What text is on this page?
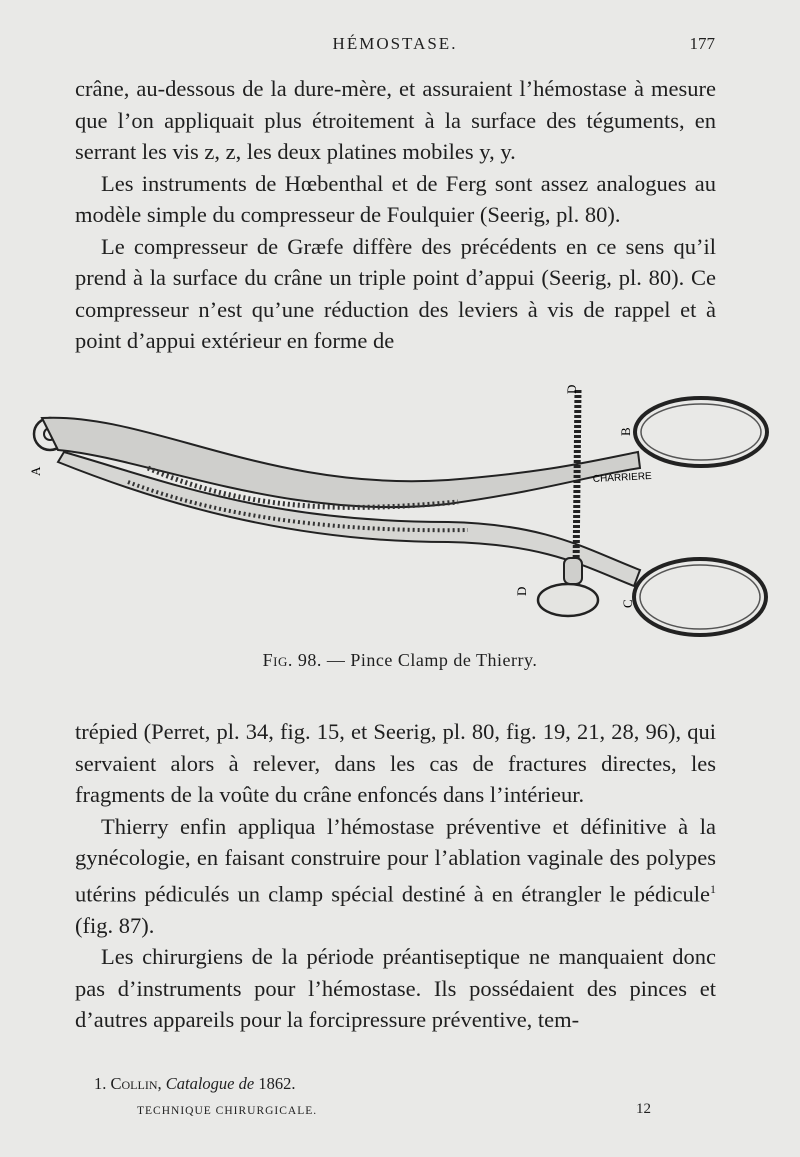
HÉMOSTASE.	177

crâne, au-dessous de la dure-mère, et assuraient l’hémostase à mesure que l’on appliquait plus étroitement à la surface des téguments, en serrant les vis z, z, les deux platines mobiles y, y.

Les instruments de Hœbenthal et de Ferg sont assez analogues au modèle simple du compresseur de Foulquier (Seerig, pl. 80).

Le compresseur de Græfe diffère des précédents en ce sens qu’il prend à la surface du crâne un triple point d’appui (Seerig, pl. 80). Ce compresseur n’est qu’une réduction des leviers à vis de rappel et à point d’appui extérieur en forme de

A
B
C
D
D
CHARRIERE
Fig. 98. — Pince Clamp de Thierry.

trépied (Perret, pl. 34, fig. 15, et Seerig, pl. 80, fig. 19, 21, 28, 96), qui servaient alors à relever, dans les cas de fractures directes, les fragments de la voûte du crâne enfoncés dans l’intérieur.

Thierry enfin appliqua l’hémostase préventive et définitive à la gynécologie, en faisant construire pour l’ablation vaginale des polypes utérins pédiculés un clamp spécial destiné à en étrangler le pédicule$^1$ (fig. 87).

Les chirurgiens de la période préantiseptique ne manquaient donc pas d’instruments pour l’hémostase. Ils possédaient des pinces et d’autres appareils pour la forcipressure préventive, tem-

1. Collin, Catalogue de 1862.
TECHNIQUE CHIRURGICALE.	12
